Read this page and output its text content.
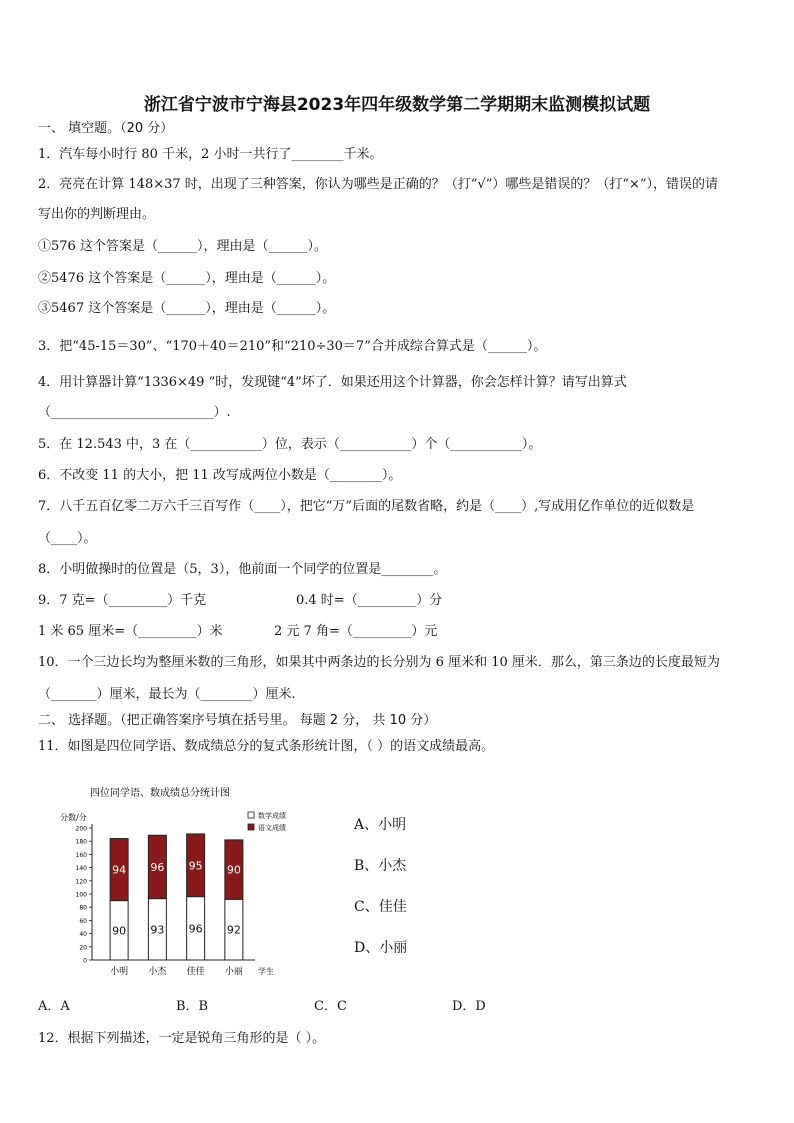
浙江省宁波市宁海县2023年四年级数学第二学期期末监测模拟试题
一、 填空题。（20 分）
1．汽车每小时行 80 千米，2 小时一共行了________千米。
2．亮亮在计算 148×37 时，出现了三种答案，你认为哪些是正确的？（打“√”）哪些是错误的？（打“×”），错误的请
写出你的判断理由。
①576 这个答案是（______），理由是（______）。
②5476 这个答案是（______），理由是（______）。
③5467 这个答案是（______），理由是（______）。
3．把“45-15＝30”、“170＋40＝210”和“210÷30＝7”合并成综合算式是（______）。
4．用计算器计算“1336×49 ”时，发现键“4”坏了．如果还用这个计算器，你会怎样计算？请写出算式
（_________________________）.
5．在 12.543 中，3 在（___________）位，表示（___________）个（___________）。
6．不改变 11 的大小，把 11 改写成两位小数是（________）。
7．八千五百亿零二万六千三百写作（____），把它“万”后面的尾数省略，约是（____）,写成用亿作单位的近似数是
（____）。
8．小明做操时的位置是（5，3），他前面一个同学的位置是________。
9．7 克=（_________）千克	0.4 时=（_________）分
1 米 65 厘米=（_________）米	2 元 7 角=（_________）元
10．一个三边长均为整厘米数的三角形，如果其中两条边的长分别为 6 厘米和 10 厘米．那么，第三条边的长度最短为
（_______）厘米，最长为（________）厘米.
二、 选择题。（把正确答案序号填在括号里。 每题 2 分， 共 10 分）
11．如图是四位同学语、数成绩总分的复式条形统计图，（ ）的语文成绩最高。
四位同学语、数成绩总分统计图
分数/分
学生
0
20
40
60
80
100
120
140
160
180
200
90
94
小明
93
96
小杰
96
95
佳佳
92
90
小丽
数学成绩
语文成绩	A、小明
B、小杰
C、佳佳
D、小丽
A．A	B．B	C．C	D．D
12．根据下列描述，一定是锐角三角形的是（ ）。
